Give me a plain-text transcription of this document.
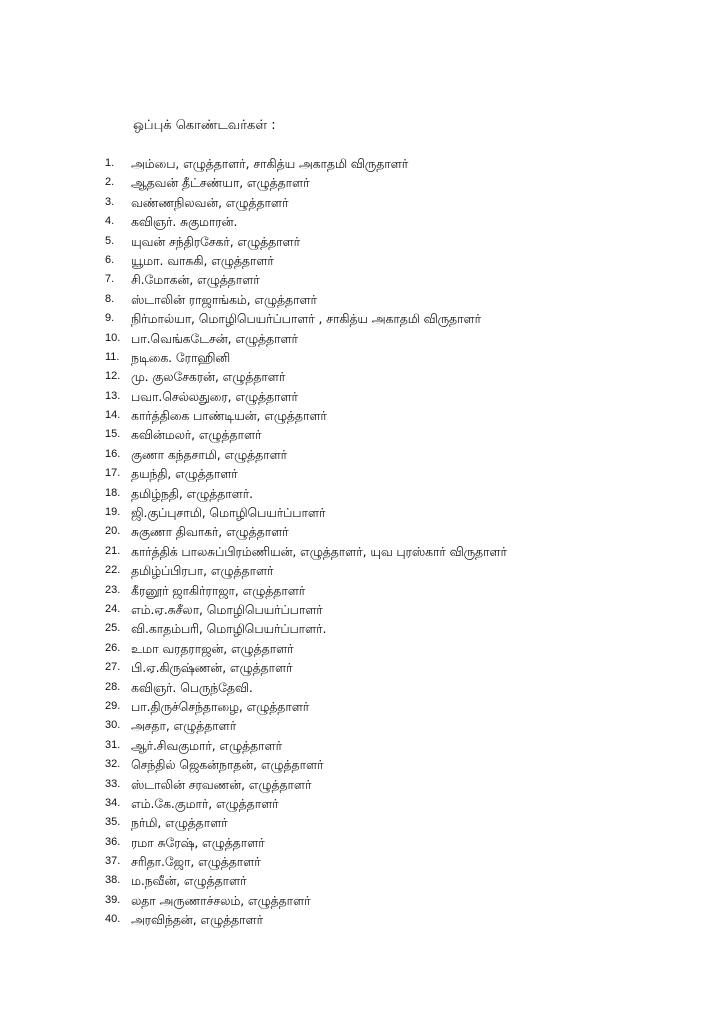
ஒப்புக் கொண்டவர்கள் :
1.	அம்பை, எழுத்தாளர், சாகித்ய அகாதமி விருதாளர்
2.	ஆதவன் தீட்சண்யா, எழுத்தாளர்
3.	வண்ணநிலவன், எழுத்தாளர்
4.	கவிஞர். சுகுமாரன்.
5.	யுவன் சந்திரசேகர், எழுத்தாளர்
6.	யூமா. வாசுகி, எழுத்தாளர்
7.	சி.மோகன், எழுத்தாளர்
8.	ஸ்டாலின் ராஜாங்கம், எழுத்தாளர்
9.	நிர்மால்யா, மொழிபெயர்ப்பாளர் , சாகித்ய அகாதமி விருதாளர்
10. பா.வெங்கடேசன், எழுத்தாளர்
11. நடிகை. ரோஹினி
12. மு. குலசேகரன், எழுத்தாளர்
13. பவா.செல்லதுரை, எழுத்தாளர்
14. கார்த்திகை பாண்டியன், எழுத்தாளர்
15. கவின்மலர், எழுத்தாளர்
16. குணா கந்தசாமி, எழுத்தாளர்
17. தயந்தி, எழுத்தாளர்
18. தமிழ்நதி, எழுத்தாளர்.
19. ஜி.குப்புசாமி, மொழிபெயர்ப்பாளர்
20. சுகுணா திவாகர், எழுத்தாளர்
21. கார்த்திக் பாலசுப்பிரம்ணியன், எழுத்தாளர், யுவ புரஸ்கார் விருதாளர்
22. தமிழ்ப்பிரபா, எழுத்தாளர்
23. கீரனூர் ஜாகிர்ராஜா, எழுத்தாளர்
24. எம்.ஏ.சுசீலா, மொழிபெயர்ப்பாளர்
25. வி.காதம்பரி, மொழிபெயர்ப்பாளர்.
26. உமா வரதராஜன், எழுத்தாளர்
27. பி.ஏ.கிருஷ்ணன், எழுத்தாளர்
28. கவிஞர். பெருந்தேவி.
29. பா.திருச்செந்தாழை, எழுத்தாளர்
30. அசதா, எழுத்தாளர்
31. ஆர்.சிவகுமார், எழுத்தாளர்
32. செந்தில் ஜெகன்நாதன், எழுத்தாளர்
33. ஸ்டாலின் சரவணன், எழுத்தாளர்
34. எம்.கே.குமார், எழுத்தாளர்
35. நர்மி, எழுத்தாளர்
36. ரமா சுரேஷ், எழுத்தாளர்
37. சரிதா.ஜோ, எழுத்தாளர்
38. ம.நவீன், எழுத்தாளர்
39. லதா அருணாச்சலம், எழுத்தாளர்
40. அரவிந்தன், எழுத்தாளர்
